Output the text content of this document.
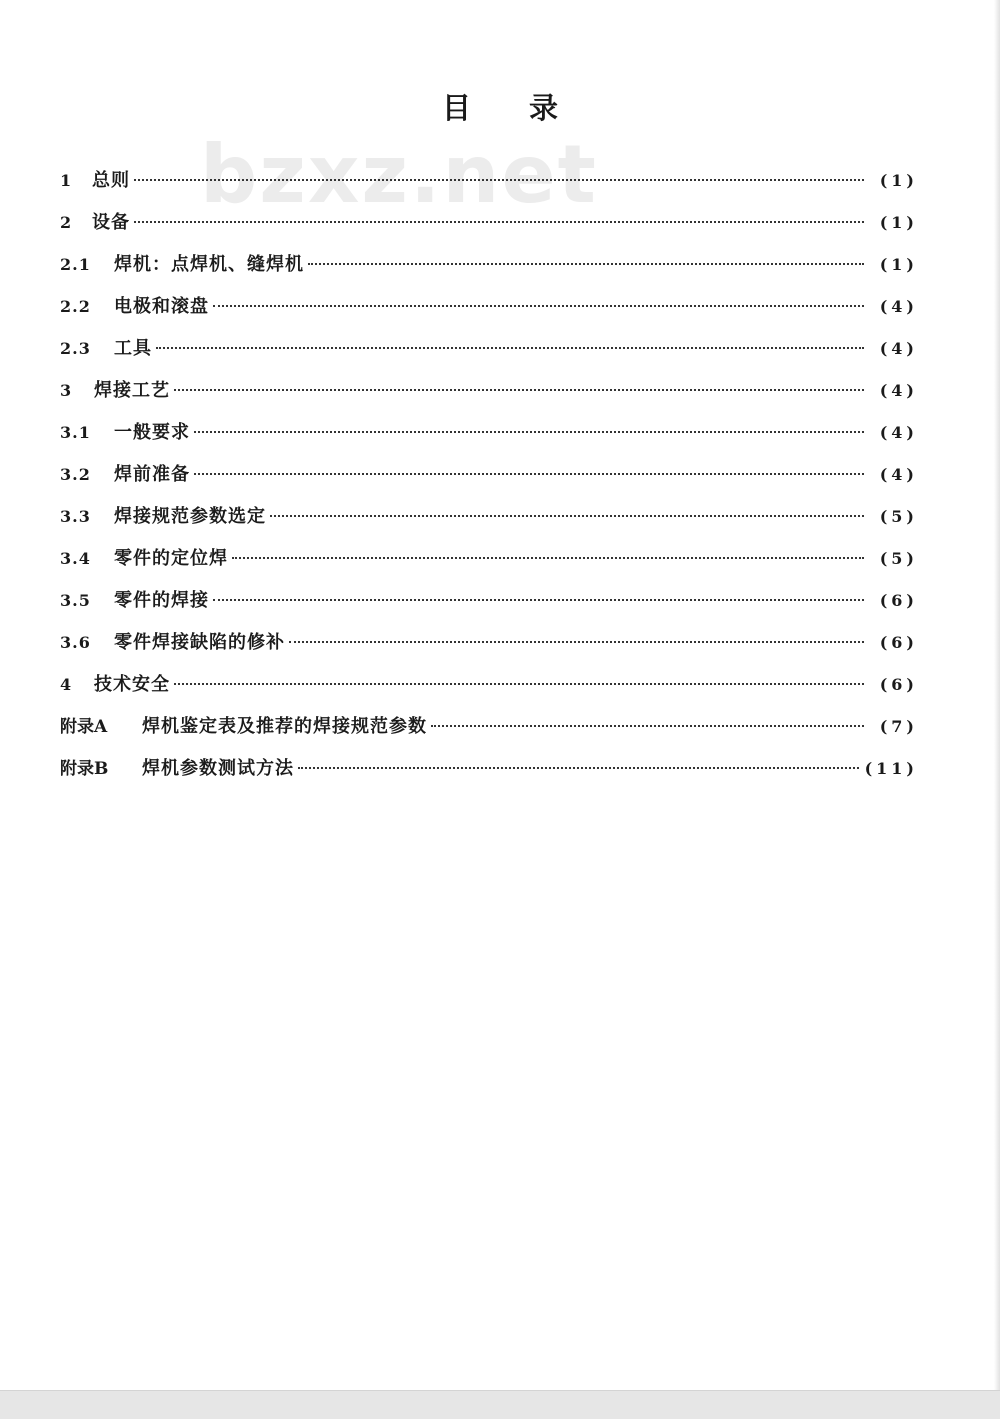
bzxz.net
目 录
1	总则	(1)
2	设备	(1)
2.1	焊机：点焊机、缝焊机	(1)
2.2	电极和滚盘	(4)
2.3	工具	(4)
3	焊接工艺	(4)
3.1	一般要求	(4)
3.2	焊前准备	(4)
3.3	焊接规范参数选定	(5)
3.4	零件的定位焊	(5)
3.5	零件的焊接	(6)
3.6	零件焊接缺陷的修补	(6)
4	技术安全	(6)
附录A	焊机鉴定表及推荐的焊接规范参数	(7)
附录B	焊机参数测试方法	(11)
